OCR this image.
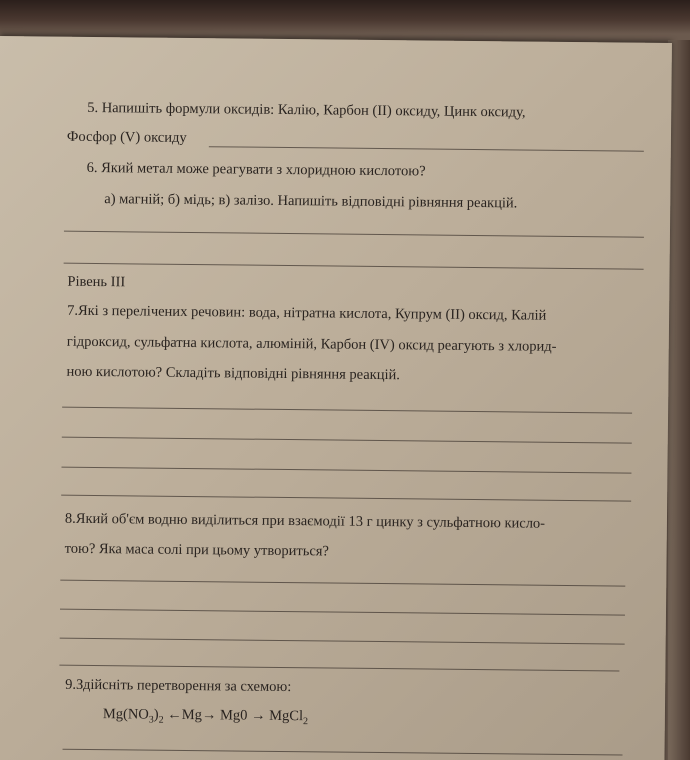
5. Напишіть формули оксидів: Калію, Карбон (ІІ) оксиду, Цинк оксиду,
Фосфор (V) оксиду
6. Який метал може реагувати з хлоридною кислотою?
а) магній; б) мідь; в) залізо. Напишіть відповідні рівняння реакцій.
Рівень ІІІ
7.Які з перелічених речовин: вода, нітратна кислота, Купрум (ІІ) оксид, Калій
гідроксид, сульфатна кислота, алюміній, Карбон (IV) оксид реагують з хлорид-
ною кислотою? Складіть відповідні рівняння реакцій.
8.Який об'єм водню виділиться при взаємодії 13 г цинку з сульфатною кисло-
тою? Яка маса солі при цьому утвориться?
9.Здійсніть перетворення за схемою:
$Mg(NO_3)_2$ ←Mg→ Mg0 → MgCl$_2$
